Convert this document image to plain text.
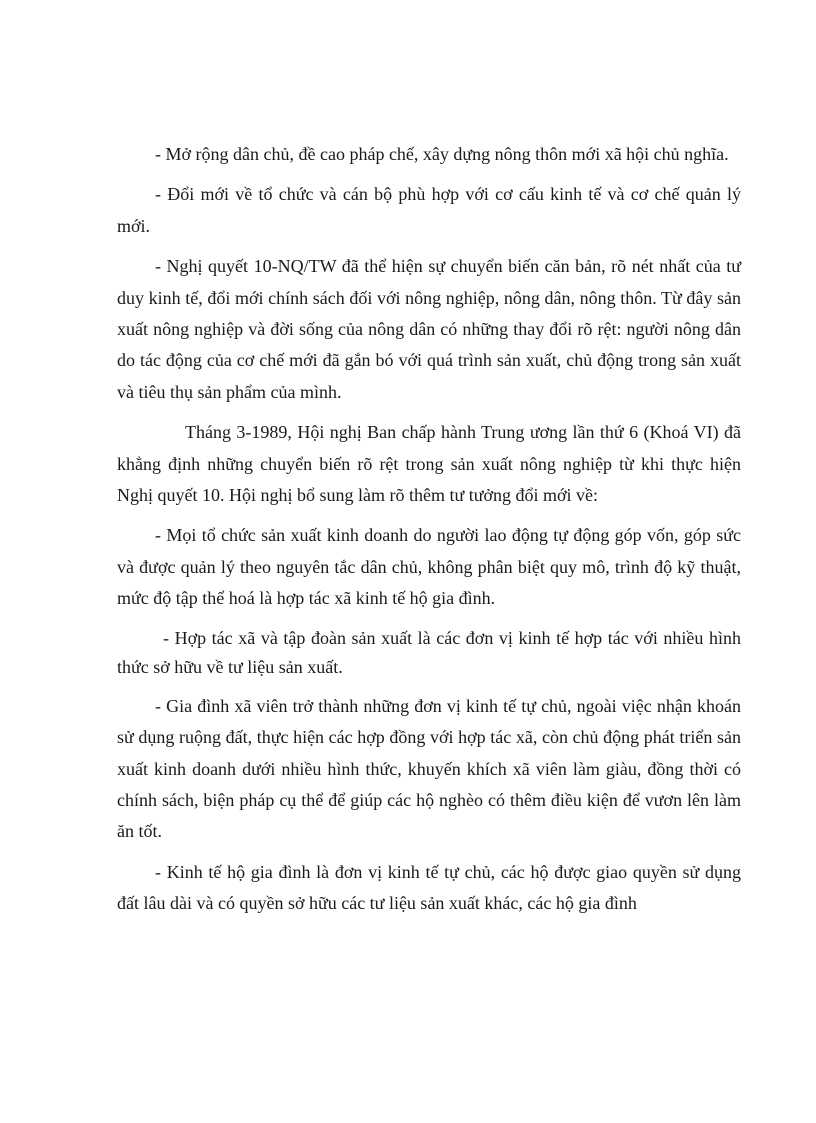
- Mở rộng dân chủ, đề cao pháp chế, xây dựng nông thôn mới xã hội chủ nghĩa.

- Đổi mới về tổ chức và cán bộ phù hợp với cơ cấu kinh tế và cơ chế quản lý mới.

- Nghị quyết 10-NQ/TW đã thể hiện sự chuyển biến căn bản, rõ nét nhất của tư duy kinh tế, đổi mới chính sách đối với nông nghiệp, nông dân, nông thôn. Từ đây sản xuất nông nghiệp và đời sống của nông dân có những thay đổi rõ rệt: người nông dân do tác động của cơ chế mới đã gắn bó với quá trình sản xuất, chủ động trong sản xuất và tiêu thụ sản phẩm của mình.

Tháng 3-1989, Hội nghị Ban chấp hành Trung ương lần thứ 6 (Khoá VI) đã khẳng định những chuyển biến rõ rệt trong sản xuất nông nghiệp từ khi thực hiện Nghị quyết 10. Hội nghị bổ sung làm rõ thêm tư tưởng đổi mới về:

- Mọi tổ chức sản xuất kinh doanh do người lao động tự động góp vốn, góp sức và được quản lý theo nguyên tắc dân chủ, không phân biệt quy mô, trình độ kỹ thuật, mức độ tập thể hoá là hợp tác xã kinh tế hộ gia đình.

- Hợp tác xã và tập đoàn sản xuất là các đơn vị kinh tế hợp tác với nhiều hình thức sở hữu về tư liệu sản xuất.

- Gia đình xã viên trở thành những đơn vị kinh tế tự chủ, ngoài việc nhận khoán sử dụng ruộng đất, thực hiện các hợp đồng với hợp tác xã, còn chủ động phát triển sản xuất kinh doanh dưới nhiều hình thức, khuyến khích xã viên làm giàu, đồng thời có chính sách, biện pháp cụ thể để giúp các hộ nghèo có thêm điều kiện để vươn lên làm ăn tốt.

- Kinh tế hộ gia đình là đơn vị kinh tế tự chủ, các hộ được giao quyền sử dụng đất lâu dài và có quyền sở hữu các tư liệu sản xuất khác, các hộ gia đình
